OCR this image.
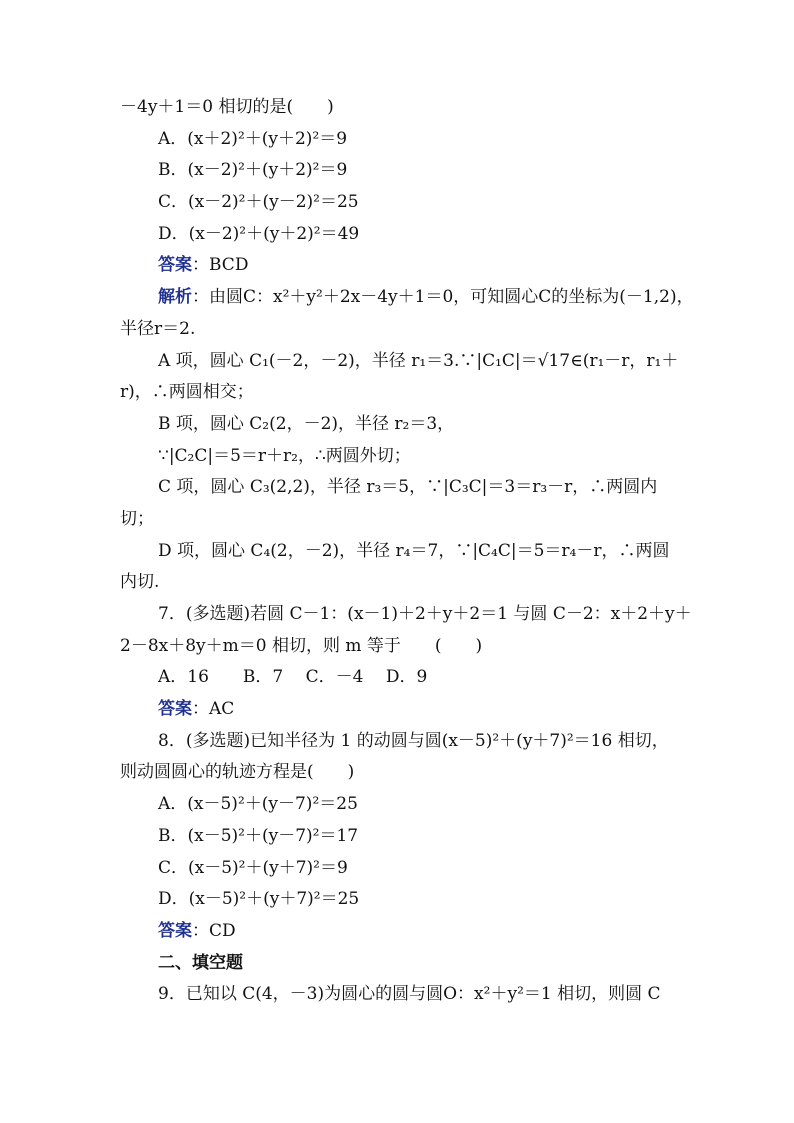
－4y＋1＝0 相切的是(　　)
A．(x＋2)²＋(y＋2)²＝9
B．(x－2)²＋(y＋2)²＝9
C．(x－2)²＋(y－2)²＝25
D．(x－2)²＋(y＋2)²＝49
答案：BCD
解析：由圆C：x²＋y²＋2x－4y＋1＝0，可知圆心C的坐标为(－1,2)，
半径r＝2.
A 项，圆心 C₁(－2，－2)，半径 r₁＝3.∵|C₁C|＝√17∈(r₁－r，r₁＋
r)，∴两圆相交；
B 项，圆心 C₂(2，－2)，半径 r₂＝3，
∵|C₂C|＝5＝r＋r₂，∴两圆外切；
C 项，圆心 C₃(2,2)，半径 r₃＝5，∵|C₃C|＝3＝r₃－r，∴两圆内
切；
D 项，圆心 C₄(2，－2)，半径 r₄＝7，∵|C₄C|＝5＝r₄－r，∴两圆
内切.
7．(多选题)若圆 C－1：(x－1)＋2＋y＋2＝1 与圆 C－2：x＋2＋y＋
2－8x＋8y＋m＝0 相切，则 m 等于　　(　　)
A．16　　B．7　 C．－4　 D．9
答案：AC
8．(多选题)已知半径为 1 的动圆与圆(x－5)²＋(y＋7)²＝16 相切，
则动圆圆心的轨迹方程是(　　)
A．(x－5)²＋(y－7)²＝25
B．(x－5)²＋(y－7)²＝17
C．(x－5)²＋(y＋7)²＝9
D．(x－5)²＋(y＋7)²＝25
答案：CD
二、填空题
9．已知以 C(4，－3)为圆心的圆与圆O：x²＋y²＝1 相切，则圆 C
